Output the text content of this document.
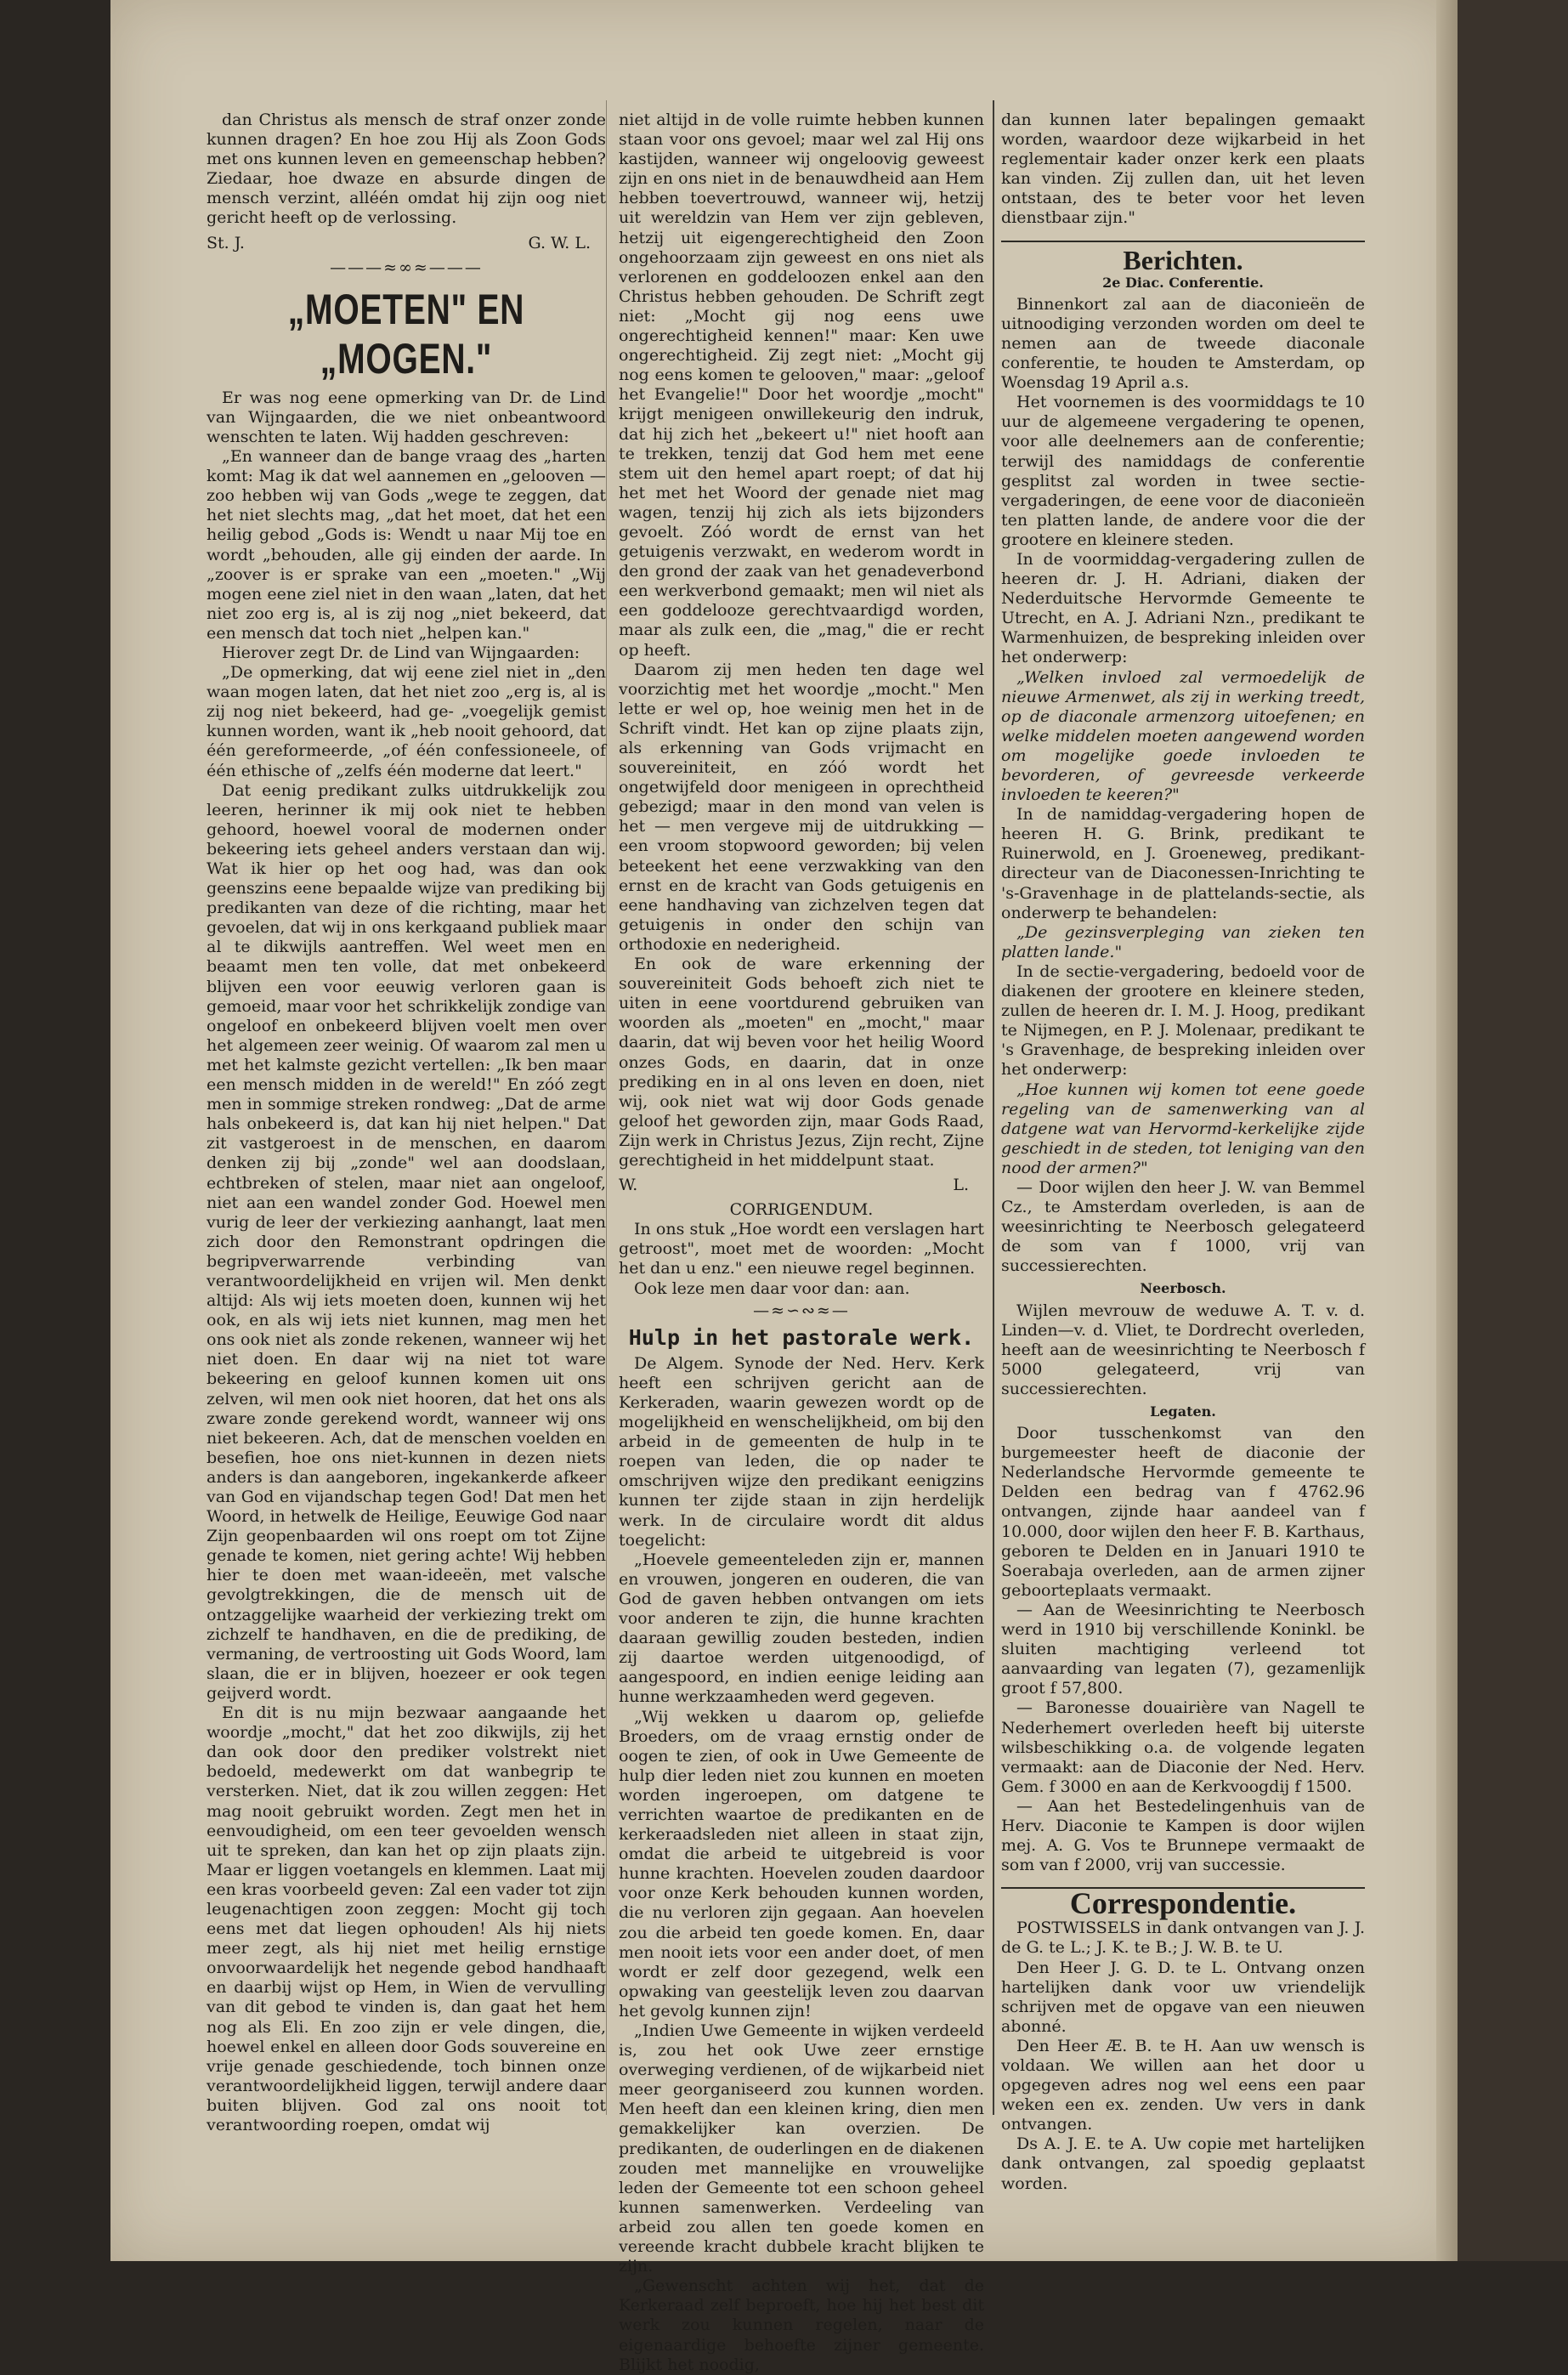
dan Christus als mensch de straf onzer zonde kunnen dragen? En hoe zou Hij als Zoon Gods met ons kunnen leven en gemeenschap hebben? Ziedaar, hoe dwaze en absurde dingen de mensch verzint, alléén omdat hij zijn oog niet gericht heeft op de verlossing.

St. J.	G. W. L.
———≈∞≈———
„MOETEN" EN „MOGEN."

Er was nog eene opmerking van Dr. de Lind van Wijngaarden, die we niet onbeantwoord wenschten te laten. Wij hadden geschreven:

„En wanneer dan de bange vraag des „harten komt: Mag ik dat wel aannemen en „gelooven — zoo hebben wij van Gods „wege te zeggen, dat het niet slechts mag, „dat het moet, dat het een heilig gebod „Gods is: Wendt u naar Mij toe en wordt „behouden, alle gij einden der aarde. In „zoover is er sprake van een „moeten." „Wij mogen eene ziel niet in den waan „laten, dat het niet zoo erg is, al is zij nog „niet bekeerd, dat een mensch dat toch niet „helpen kan."

Hierover zegt Dr. de Lind van Wijngaarden:

„De opmerking, dat wij eene ziel niet in „den waan mogen laten, dat het niet zoo „erg is, al is zij nog niet bekeerd, had ge- „voegelijk gemist kunnen worden, want ik „heb nooit gehoord, dat één gereformeerde, „of één confessioneele, of één ethische of „zelfs één moderne dat leert."

Dat eenig predikant zulks uitdrukkelijk zou leeren, herinner ik mij ook niet te hebben gehoord, hoewel vooral de modernen onder bekeering iets geheel anders verstaan dan wij. Wat ik hier op het oog had, was dan ook geenszins eene bepaalde wijze van prediking bij predikanten van deze of die richting, maar het gevoelen, dat wij in ons kerkgaand publiek maar al te dikwijls aantreffen. Wel weet men en beaamt men ten volle, dat met onbekeerd blijven een voor eeuwig verloren gaan is gemoeid, maar voor het schrikkelijk zondige van ongeloof en onbekeerd blijven voelt men over het algemeen zeer weinig. Of waarom zal men u met het kalmste gezicht vertellen: „Ik ben maar een mensch midden in de wereld!" En zóó zegt men in sommige streken rondweg: „Dat de arme hals onbekeerd is, dat kan hij niet helpen." Dat zit vastgeroest in de menschen, en daarom denken zij bij „zonde" wel aan doodslaan, echtbreken of stelen, maar niet aan ongeloof, niet aan een wandel zonder God. Hoewel men vurig de leer der verkiezing aanhangt, laat men zich door den Remonstrant opdringen die begripverwarrende verbinding van verantwoordelijkheid en vrijen wil. Men denkt altijd: Als wij iets moeten doen, kunnen wij het ook, en als wij iets niet kunnen, mag men het ons ook niet als zonde rekenen, wanneer wij het niet doen. En daar wij na niet tot ware bekeering en geloof kunnen komen uit ons zelven, wil men ook niet hooren, dat het ons als zware zonde gerekend wordt, wanneer wij ons niet bekeeren. Ach, dat de menschen voelden en besefien, hoe ons niet-kunnen in dezen niets anders is dan aangeboren, ingekankerde afkeer van God en vijandschap tegen God! Dat men het Woord, in hetwelk de Heilige, Eeuwige God naar Zijn geopenbaarden wil ons roept om tot Zijne genade te komen, niet gering achte! Wij hebben hier te doen met waan-ideeën, met valsche gevolgtrekkingen, die de mensch uit de ontzaggelijke waarheid der verkiezing trekt om zichzelf te handhaven, en die de prediking, de vermaning, de vertroosting uit Gods Woord, lam slaan, die er in blijven, hoezeer er ook tegen geijverd wordt.

En dit is nu mijn bezwaar aangaande het woordje „mocht," dat het zoo dikwijls, zij het dan ook door den prediker volstrekt niet bedoeld, medewerkt om dat wanbegrip te versterken. Niet, dat ik zou willen zeggen: Het mag nooit gebruikt worden. Zegt men het in eenvoudigheid, om een teer gevoelden wensch uit te spreken, dan kan het op zijn plaats zijn. Maar er liggen voetangels en klemmen. Laat mij een kras voorbeeld geven: Zal een vader tot zijn leugenachtigen zoon zeggen: Mocht gij toch eens met dat liegen ophouden! Als hij niets meer zegt, als hij niet met heilig ernstige onvoorwaardelijk het negende gebod handhaaft en daarbij wijst op Hem, in Wien de vervulling van dit gebod te vinden is, dan gaat het hem nog als Eli. En zoo zijn er vele dingen, die, hoewel enkel en alleen door Gods souvereine en vrije genade geschiedende, toch binnen onze verantwoordelijkheid liggen, terwijl andere daar buiten blijven. God zal ons nooit tot verantwoording roepen, omdat wij

niet altijd in de volle ruimte hebben kunnen staan voor ons gevoel; maar wel zal Hij ons kastijden, wanneer wij ongeloovig geweest zijn en ons niet in de benauwdheid aan Hem hebben toevertrouwd, wanneer wij, hetzij uit wereldzin van Hem ver zijn gebleven, hetzij uit eigengerechtigheid den Zoon ongehoorzaam zijn geweest en ons niet als verlorenen en goddeloozen enkel aan den Christus hebben gehouden. De Schrift zegt niet: „Mocht gij nog eens uwe ongerechtigheid kennen!" maar: Ken uwe ongerechtigheid. Zij zegt niet: „Mocht gij nog eens komen te gelooven," maar: „geloof het Evangelie!" Door het woordje „mocht" krijgt menigeen onwillekeurig den indruk, dat hij zich het „bekeert u!" niet hooft aan te trekken, tenzij dat God hem met eene stem uit den hemel apart roept; of dat hij het met het Woord der genade niet mag wagen, tenzij hij zich als iets bijzonders gevoelt. Zóó wordt de ernst van het getuigenis verzwakt, en wederom wordt in den grond der zaak van het genadeverbond een werkverbond gemaakt; men wil niet als een goddelooze gerechtvaardigd worden, maar als zulk een, die „mag," die er recht op heeft.

Daarom zij men heden ten dage wel voorzichtig met het woordje „mocht." Men lette er wel op, hoe weinig men het in de Schrift vindt. Het kan op zijne plaats zijn, als erkenning van Gods vrijmacht en souvereiniteit, en zóó wordt het ongetwijfeld door menigeen in oprechtheid gebezigd; maar in den mond van velen is het — men vergeve mij de uitdrukking — een vroom stopwoord geworden; bij velen beteekent het eene verzwakking van den ernst en de kracht van Gods getuigenis en eene handhaving van zichzelven tegen dat getuigenis in onder den schijn van orthodoxie en nederigheid.

En ook de ware erkenning der souvereiniteit Gods behoeft zich niet te uiten in eene voortdurend gebruiken van woorden als „moeten" en „mocht," maar daarin, dat wij beven voor het heilig Woord onzes Gods, en daarin, dat in onze prediking en in al ons leven en doen, niet wij, ook niet wat wij door Gods genade geloof het geworden zijn, maar Gods Raad, Zijn werk in Christus Jezus, Zijn recht, Zijne gerechtigheid in het middelpunt staat.

W.	L.
CORRIGENDUM.

In ons stuk „Hoe wordt een verslagen hart getroost", moet met de woorden: „Mocht het dan u enz." een nieuwe regel beginnen.

Ook leze men daar voor dan: aan.

—≈∽∾≈—
Hulp in het pastorale werk.

De Algem. Synode der Ned. Herv. Kerk heeft een schrijven gericht aan de Kerkeraden, waarin gewezen wordt op de mogelijkheid en wenschelijkheid, om bij den arbeid in de gemeenten de hulp in te roepen van leden, die op nader te omschrijven wijze den predikant eenigzins kunnen ter zijde staan in zijn herdelijk werk. In de circulaire wordt dit aldus toegelicht:

„Hoevele gemeenteleden zijn er, mannen en vrouwen, jongeren en ouderen, die van God de gaven hebben ontvangen om iets voor anderen te zijn, die hunne krachten daaraan gewillig zouden besteden, indien zij daartoe werden uitgenoodigd, of aangespoord, en indien eenige leiding aan hunne werkzaamheden werd gegeven.

„Wij wekken u daarom op, geliefde Broeders, om de vraag ernstig onder de oogen te zien, of ook in Uwe Gemeente de hulp dier leden niet zou kunnen en moeten worden ingeroepen, om datgene te verrichten waartoe de predikanten en de kerkeraadsleden niet alleen in staat zijn, omdat die arbeid te uitgebreid is voor hunne krachten. Hoevelen zouden daardoor voor onze Kerk behouden kunnen worden, die nu verloren zijn gegaan. Aan hoevelen zou die arbeid ten goede komen. En, daar men nooit iets voor een ander doet, of men wordt er zelf door gezegend, welk een opwaking van geestelijk leven zou daarvan het gevolg kunnen zijn!

„Indien Uwe Gemeente in wijken verdeeld is, zou het ook Uwe zeer ernstige overweging verdienen, of de wijkarbeid niet meer georganiseerd zou kunnen worden. Men heeft dan een kleinen kring, dien men gemakkelijker kan overzien. De predikanten, de ouderlingen en de diakenen zouden met mannelijke en vrouwelijke leden der Gemeente tot een schoon geheel kunnen samenwerken. Verdeeling van arbeid zou allen ten goede komen en vereende kracht dubbele kracht blijken te zijn.

„Gewenscht achten wij het, dat de Kerkeraad zelf beproeft, hoe hij het best dit werk zou kunnen regelen, naar de eigenaardige behoefte zijner gemeente. Blijkt het noodig,

dan kunnen later bepalingen gemaakt worden, waardoor deze wijkarbeid in het reglementair kader onzer kerk een plaats kan vinden. Zij zullen dan, uit het leven ontstaan, des te beter voor het leven dienstbaar zijn."

Berichten.
2e Diac. Conferentie.

Binnenkort zal aan de diaconieën de uitnoodiging verzonden worden om deel te nemen aan de tweede diaconale conferentie, te houden te Amsterdam, op Woensdag 19 April a.s.

Het voornemen is des voormiddags te 10 uur de algemeene vergadering te openen, voor alle deelnemers aan de conferentie; terwijl des namiddags de conferentie gesplitst zal worden in twee sectie-vergaderingen, de eene voor de diaconieën ten platten lande, de andere voor die der grootere en kleinere steden.

In de voormiddag-vergadering zullen de heeren dr. J. H. Adriani, diaken der Nederduitsche Hervormde Gemeente te Utrecht, en A. J. Adriani Nzn., predikant te Warmenhuizen, de bespreking inleiden over het onderwerp:

„Welken invloed zal vermoedelijk de nieuwe Armenwet, als zij in werking treedt, op de diaconale armenzorg uitoefenen; en welke middelen moeten aangewend worden om mogelijke goede invloeden te bevorderen, of gevreesde verkeerde invloeden te keeren?"

In de namiddag-vergadering hopen de heeren H. G. Brink, predikant te Ruinerwold, en J. Groeneweg, predikant-directeur van de Diaconessen-Inrichting te 's-Gravenhage in de plattelands-sectie, als onderwerp te behandelen:

„De gezinsverpleging van zieken ten platten lande."

In de sectie-vergadering, bedoeld voor de diakenen der grootere en kleinere steden, zullen de heeren dr. I. M. J. Hoog, predikant te Nijmegen, en P. J. Molenaar, predikant te 's Gravenhage, de bespreking inleiden over het onderwerp:

„Hoe kunnen wij komen tot eene goede regeling van de samenwerking van al datgene wat van Hervormd-kerkelijke zijde geschiedt in de steden, tot leniging van den nood der armen?"

— Door wijlen den heer J. W. van Bemmel Cz., te Amsterdam overleden, is aan de weesinrichting te Neerbosch gelegateerd de som van f 1000, vrij van successierechten.

Neerbosch.

Wijlen mevrouw de weduwe A. T. v. d. Linden—v. d. Vliet, te Dordrecht overleden, heeft aan de weesinrichting te Neerbosch f 5000 gelegateerd, vrij van successierechten.

Legaten.

Door tusschenkomst van den burgemeester heeft de diaconie der Nederlandsche Hervormde gemeente te Delden een bedrag van f 4762.96 ontvangen, zijnde haar aandeel van f 10.000, door wijlen den heer F. B. Karthaus, geboren te Delden en in Januari 1910 te Soerabaja overleden, aan de armen zijner geboorteplaats vermaakt.

— Aan de Weesinrichting te Neerbosch werd in 1910 bij verschillende Koninkl. be sluiten machtiging verleend tot aanvaarding van legaten (7), gezamenlijk groot f 57,800.

— Baronesse douairière van Nagell te Nederhemert overleden heeft bij uiterste wilsbeschikking o.a. de volgende legaten vermaakt: aan de Diaconie der Ned. Herv. Gem. f 3000 en aan de Kerkvoogdij f 1500.

— Aan het Bestedelingenhuis van de Herv. Diaconie te Kampen is door wijlen mej. A. G. Vos te Brunnepe vermaakt de som van f 2000, vrij van successie.

Correspondentie.

POSTWISSELS in dank ontvangen van J. J. de G. te L.; J. K. te B.; J. W. B. te U.

Den Heer J. G. D. te L. Ontvang onzen hartelijken dank voor uw vriendelijk schrijven met de opgave van een nieuwen abonné.

Den Heer Æ. B. te H. Aan uw wensch is voldaan. We willen aan het door u opgegeven adres nog wel eens een paar weken een ex. zenden. Uw vers in dank ontvangen.

Ds A. J. E. te A. Uw copie met hartelijken dank ontvangen, zal spoedig geplaatst worden.
